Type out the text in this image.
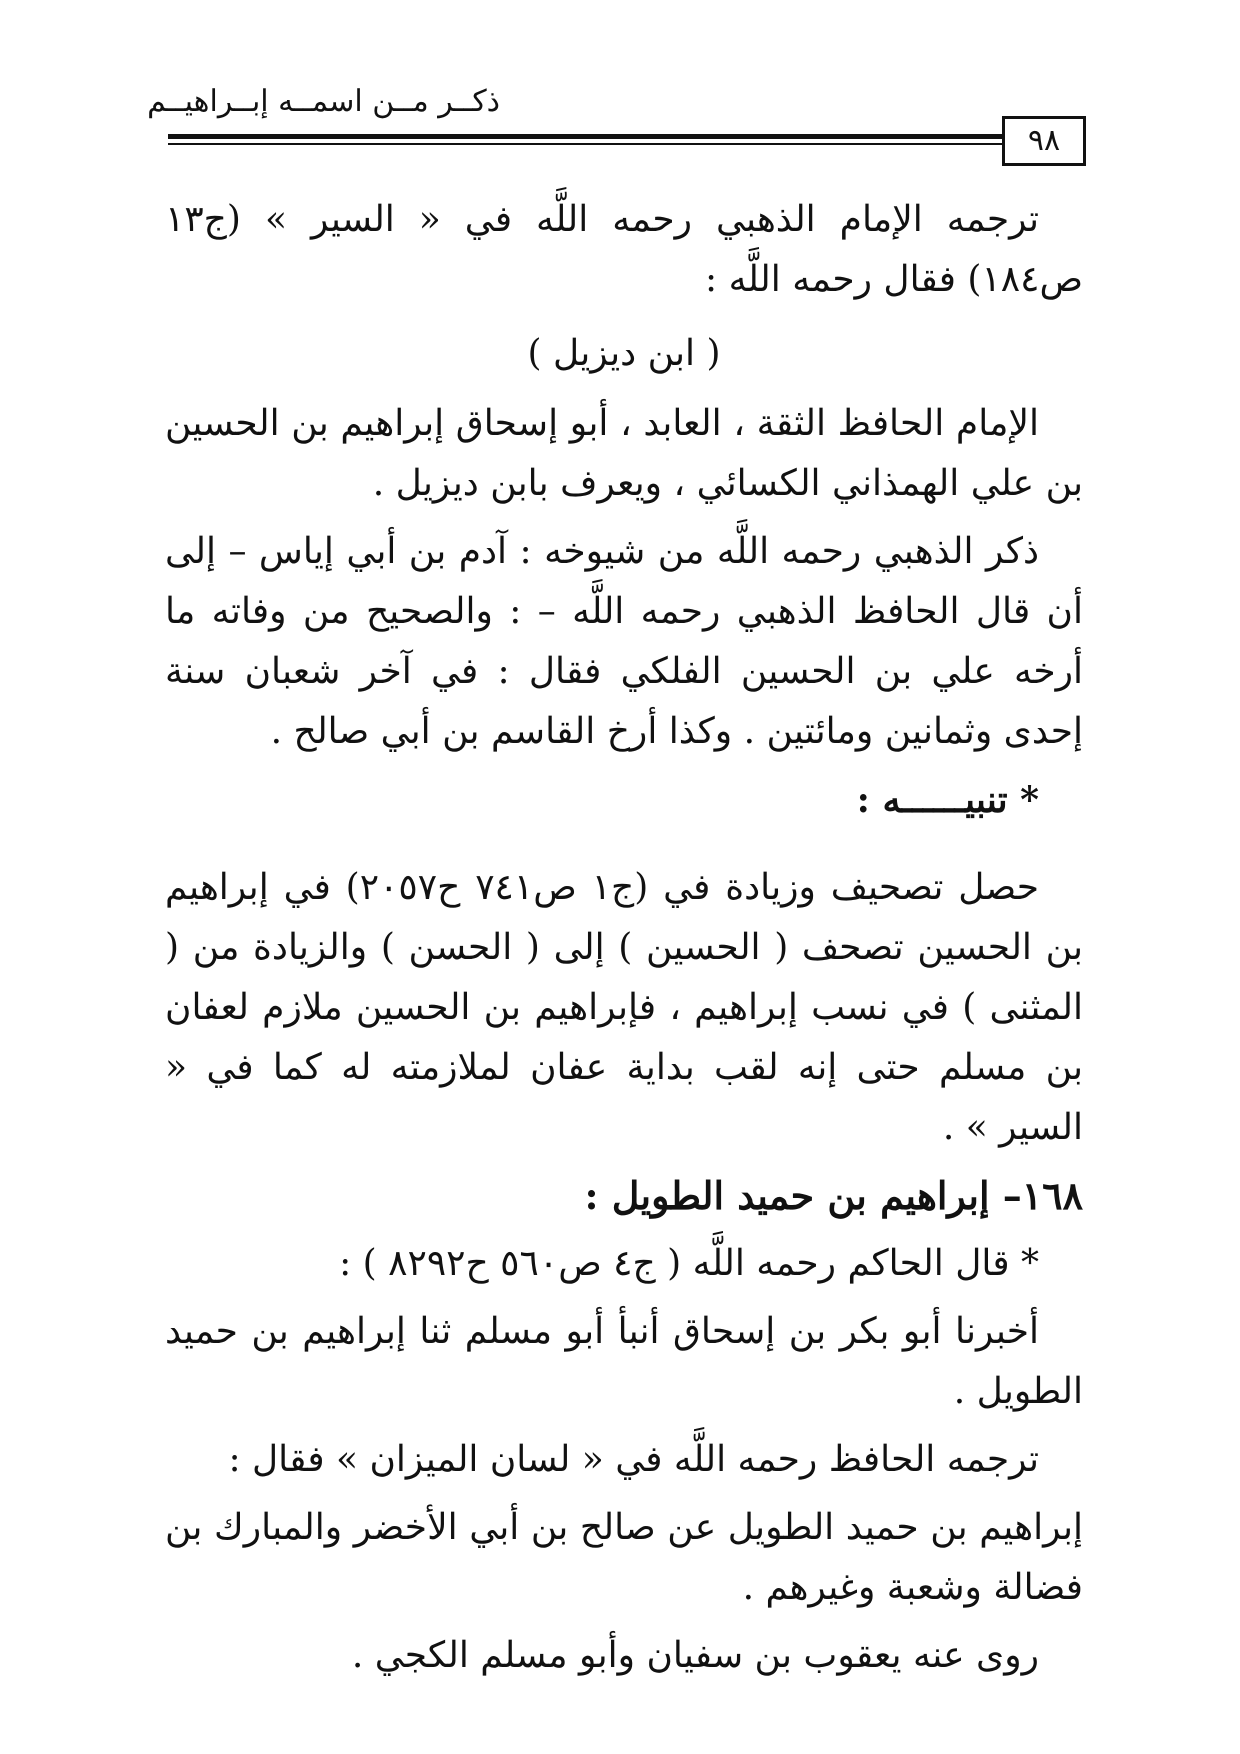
ذكــر مــن اسمــه إبــراهيــم
٩٨

ترجمه الإمام الذهبي رحمه اللَّه في « السير » (ج١٣ ص١٨٤) فقال رحمه اللَّه :

( ابن ديزيل )

الإمام الحافظ الثقة ، العابد ، أبو إسحاق إبراهيم بن الحسين بن علي الهمذاني الكسائي ، ويعرف بابن ديزيل .

ذكر الذهبي رحمه اللَّه من شيوخه : آدم بن أبي إياس – إلى أن قال الحافظ الذهبي رحمه اللَّه – : والصحيح من وفاته ما أرخه علي بن الحسين الفلكي فقال : في آخر شعبان سنة إحدى وثمانين ومائتين . وكذا أرخ القاسم بن أبي صالح .

* تنبيــــــه :

حصل تصحيف وزيادة في (ج١ ص٧٤١ ح٢٠٥٧) في إبراهيم بن الحسين تصحف ( الحسين ) إلى ( الحسن ) والزيادة من ( المثنى ) في نسب إبراهيم ، فإبراهيم بن الحسين ملازم لعفان بن مسلم حتى إنه لقب بداية عفان لملازمته له كما في « السير » .

١٦٨– إبراهيم بن حميد الطويل :

* قال الحاكم رحمه اللَّه ( ج٤ ص٥٦٠ ح٨٢٩٢ ) :

أخبرنا أبو بكر بن إسحاق أنبأ أبو مسلم ثنا إبراهيم بن حميد الطويل .

ترجمه الحافظ رحمه اللَّه في « لسان الميزان » فقال :

إبراهيم بن حميد الطويل عن صالح بن أبي الأخضر والمبارك بن فضالة وشعبة وغيرهم .

روى عنه يعقوب بن سفيان وأبو مسلم الكجي .
